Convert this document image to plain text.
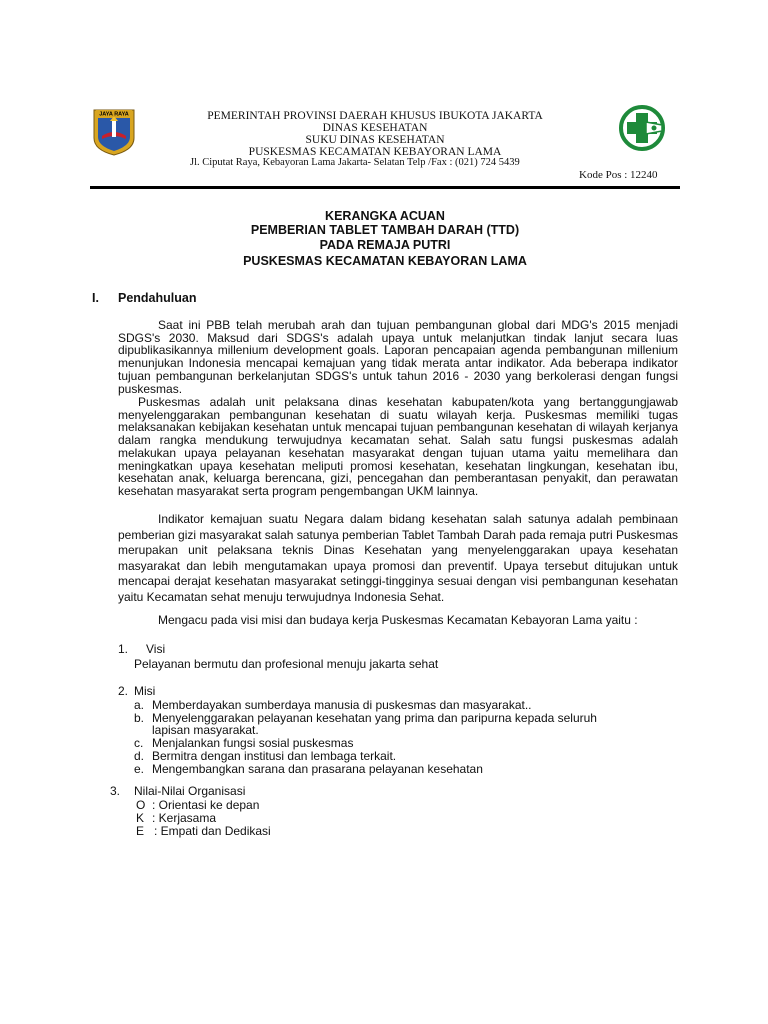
JAYA RAYA	PEMERINTAH PROVINSI DAERAH KHUSUS IBUKOTA JAKARTA
DINAS KESEHATAN
SUKU DINAS KESEHATAN
PUSKESMAS KECAMATAN KEBAYORAN LAMA
Jl. Ciputat Raya, Kebayoran Lama Jakarta- Selatan Telp /Fax : (021) 724 5439
Kode Pos : 12240
KERANGKA ACUAN
PEMBERIAN TABLET TAMBAH DARAH (TTD)
PADA REMAJA PUTRI
PUSKESMAS KECAMATAN KEBAYORAN LAMA
I. Pendahuluan
Saat ini PBB telah merubah arah dan tujuan pembangunan global dari MDG's 2015 menjadi SDGS's 2030. Maksud dari SDGS's adalah upaya untuk melanjutkan tindak lanjut secara luas dipublikasikannya millenium development goals. Laporan pencapaian agenda pembangunan millenium menunjukan Indonesia mencapai kemajuan yang tidak merata antar indikator. Ada beberapa indikator tujuan pembangunan berkelanjutan SDGS's untuk tahun 2016 - 2030 yang berkolerasi dengan fungsi puskesmas.
Puskesmas adalah unit pelaksana dinas kesehatan kabupaten/kota yang bertanggungjawab menyelenggarakan pembangunan kesehatan di suatu wilayah kerja. Puskesmas memiliki tugas melaksanakan kebijakan kesehatan untuk mencapai tujuan pembangunan kesehatan di wilayah kerjanya dalam rangka mendukung terwujudnya kecamatan sehat. Salah satu fungsi puskesmas adalah melakukan upaya pelayanan kesehatan masyarakat dengan tujuan utama yaitu memelihara dan meningkatkan upaya kesehatan meliputi promosi kesehatan, kesehatan lingkungan, kesehatan ibu, kesehatan anak, keluarga berencana, gizi, pencegahan dan pemberantasan penyakit, dan perawatan kesehatan masyarakat serta program pengembangan UKM lainnya.
Indikator kemajuan suatu Negara dalam bidang kesehatan salah satunya adalah pembinaan pemberian gizi masyarakat salah satunya pemberian Tablet Tambah Darah pada remaja putri Puskesmas merupakan unit pelaksana teknis Dinas Kesehatan yang menyelenggarakan upaya kesehatan masyarakat dan lebih mengutamakan upaya promosi dan preventif. Upaya tersebut ditujukan untuk mencapai derajat kesehatan masyarakat setinggi-tingginya sesuai dengan visi pembangunan kesehatan yaitu Kecamatan sehat menuju terwujudnya Indonesia Sehat.
Mengacu pada visi misi dan budaya kerja Puskesmas Kecamatan Kebayoran Lama yaitu :
1. Visi
Pelayanan bermutu dan profesional menuju jakarta sehat
2. Misi
a. Memberdayakan sumberdaya manusia di puskesmas dan masyarakat..
b. Menyelenggarakan pelayanan kesehatan yang prima dan paripurna kepada seluruh
lapisan masyarakat.
c. Menjalankan fungsi sosial puskesmas
d. Bermitra dengan institusi dan lembaga terkait.
e. Mengembangkan sarana dan prasarana pelayanan kesehatan
3. Nilai-Nilai Organisasi
O : Orientasi ke depan
K : Kerjasama
E : Empati dan Dedikasi
